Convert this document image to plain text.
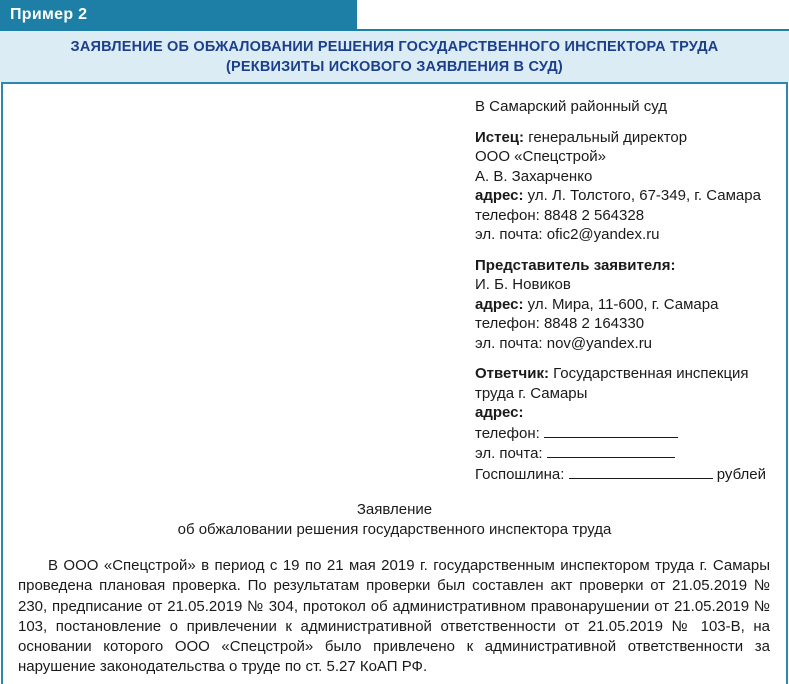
Пример 2
ЗАЯВЛЕНИЕ ОБ ОБЖАЛОВАНИИ РЕШЕНИЯ ГОСУДАРСТВЕННОГО ИНСПЕКТОРА ТРУДА
(РЕКВИЗИТЫ ИСКОВОГО ЗАЯВЛЕНИЯ В СУД)
В Самарский районный суд
Истец: генеральный директор
ООО «Спецстрой»
А. В. Захарченко
адрес: ул. Л. Толстого, 67-349, г. Самара
телефон: 8848 2 564328
эл. почта: ofic2@yandex.ru
Представитель заявителя:
И. Б. Новиков
адрес: ул. Мира, 11-600, г. Самара
телефон: 8848 2 164330
эл. почта: nov@yandex.ru
Ответчик: Государственная инспекция
труда г. Самары
адрес:
телефон:
эл. почта:
Госпошлина:	рублей
Заявление
об обжаловании решения государственного инспектора труда
В ООО «Спецстрой» в период с 19 по 21 мая 2019 г. государственным инспектором труда г. Самары проведена плановая проверка. По результатам проверки был составлен акт проверки от 21.05.2019 № 230, предписание от 21.05.2019 № 304, протокол об административном правонарушении от 21.05.2019 № 103, постановление о привлечении к административной ответственности от 21.05.2019 № 103-В, на основании которого ООО «Спецстрой» было привлечено к административной ответственности за нарушение законодательства о труде по ст. 5.27 КоАП РФ.
